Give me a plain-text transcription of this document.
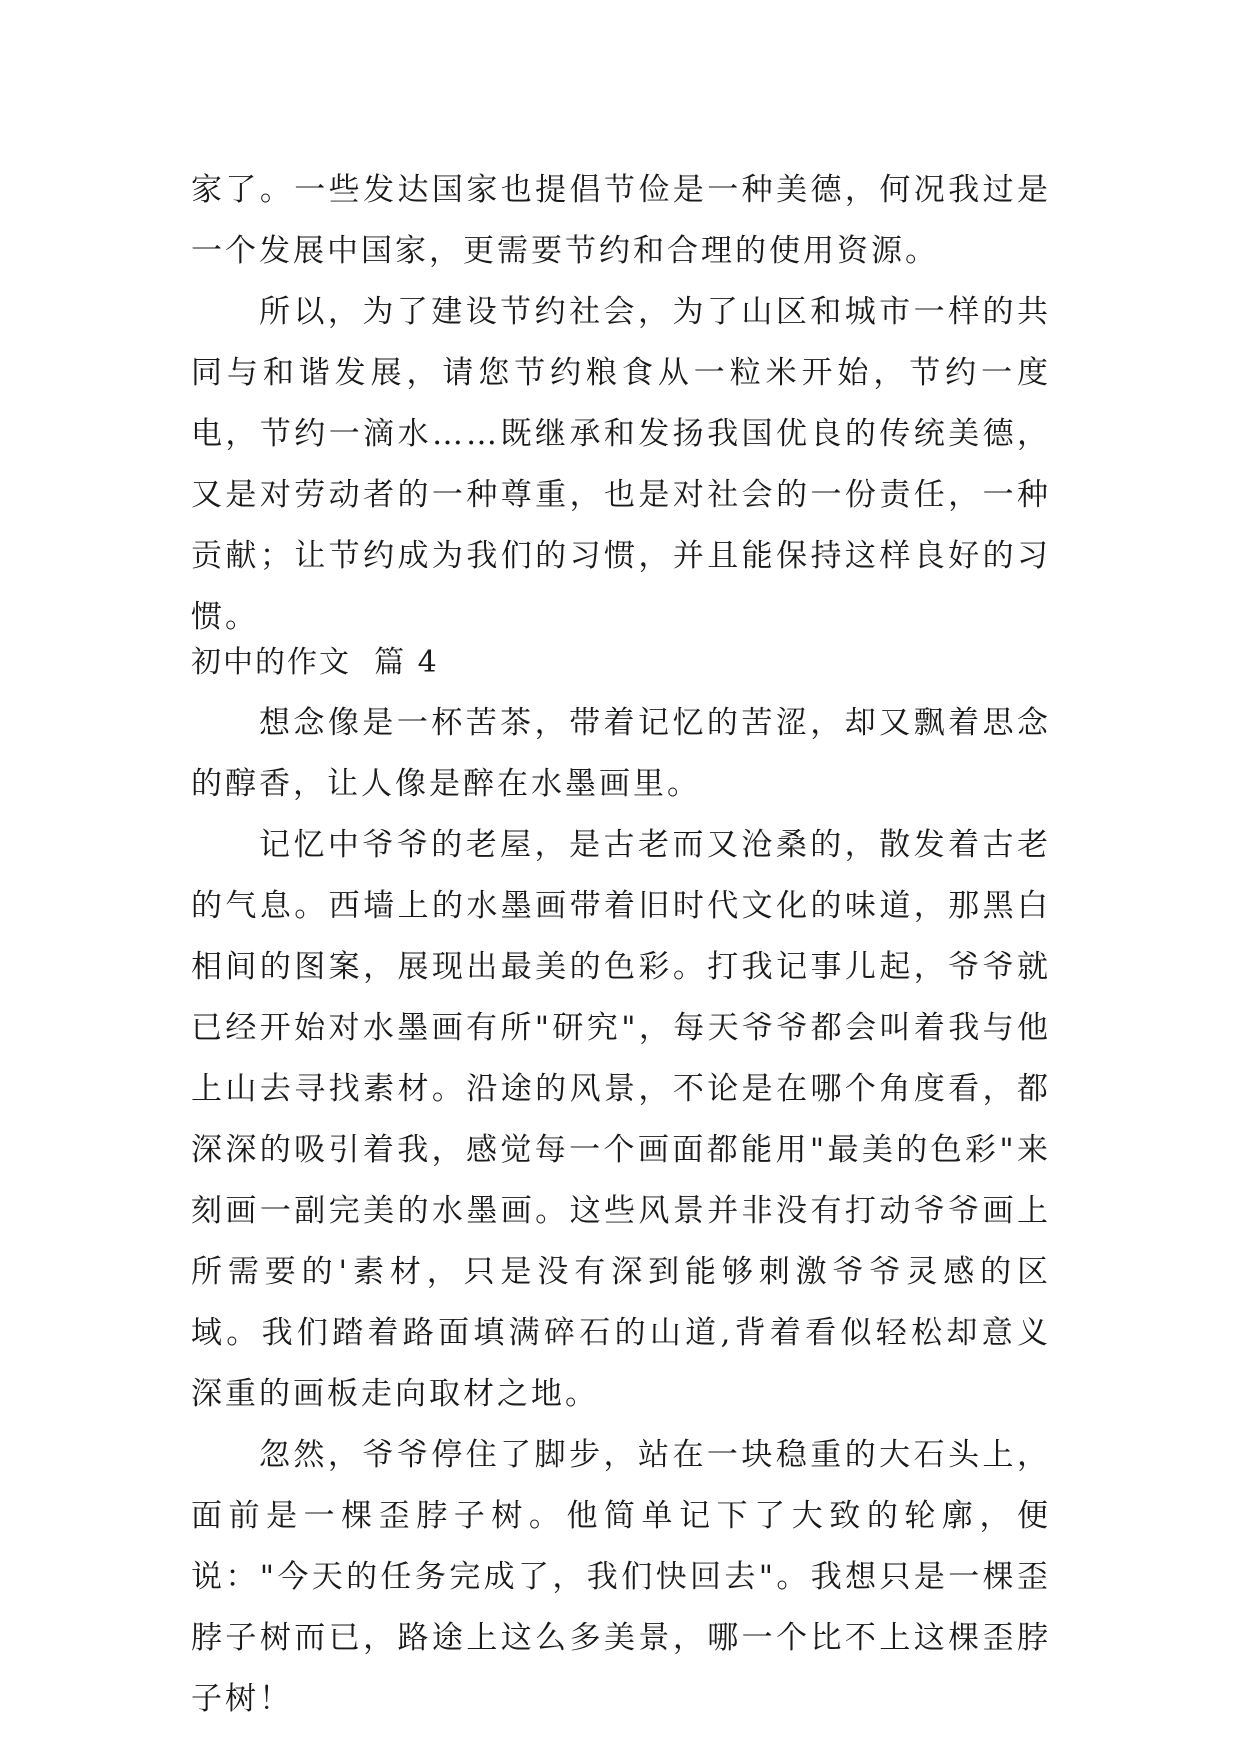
家了。一些发达国家也提倡节俭是一种美德，何况我过是一个发展中国家，更需要节约和合理的使用资源。

所以，为了建设节约社会，为了山区和城市一样的共同与和谐发展，请您节约粮食从一粒米开始，节约一度电，节约一滴水……既继承和发扬我国优良的传统美德，又是对劳动者的一种尊重，也是对社会的一份责任，一种贡献；让节约成为我们的习惯，并且能保持这样良好的习惯。

初中的作文  篇 4

想念像是一杯苦茶，带着记忆的苦涩，却又飘着思念的醇香，让人像是醉在水墨画里。

记忆中爷爷的老屋，是古老而又沧桑的，散发着古老的气息。西墙上的水墨画带着旧时代文化的味道，那黑白相间的图案，展现出最美的色彩。打我记事儿起，爷爷就已经开始对水墨画有所"研究"，每天爷爷都会叫着我与他上山去寻找素材。沿途的风景，不论是在哪个角度看，都深深的吸引着我，感觉每一个画面都能用"最美的色彩"来刻画一副完美的水墨画。这些风景并非没有打动爷爷画上所需要的'素材，只是没有深到能够刺激爷爷灵感的区域。我们踏着路面填满碎石的山道,背着看似轻松却意义深重的画板走向取材之地。

忽然，爷爷停住了脚步，站在一块稳重的大石头上，面前是一棵歪脖子树。他简单记下了大致的轮廓，便说："今天的任务完成了，我们快回去"。我想只是一棵歪脖子树而已，路途上这么多美景，哪一个比不上这棵歪脖子树！
